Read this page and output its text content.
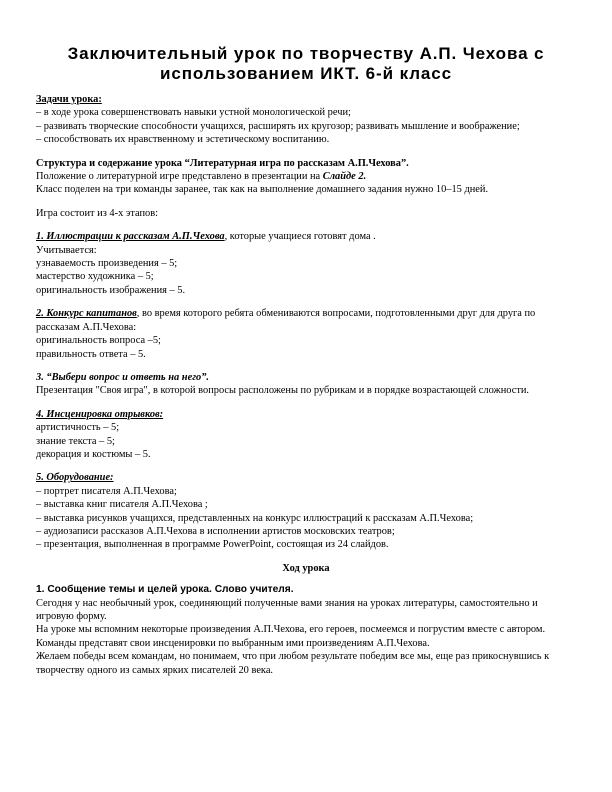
Заключительный урок по творчеству А.П. Чехова с использованием ИКТ. 6-й класс
Задачи урока:
– в ходе урока совершенствовать навыки устной монологической речи;
– развивать творческие способности учащихся, расширять их кругозор; развивать мышление и воображение;
– способствовать их нравственному и эстетическому воспитанию.
Структура и содержание урока “Литературная игра по рассказам А.П.Чехова”.
Положение о литературной игре представлено в презентации на Слайде 2.
Класс поделен на три команды заранее, так как на выполнение домашнего задания нужно 10–15 дней.
Игра состоит из 4-х этапов:
1. Иллюстрации к рассказам А.П.Чехова, которые учащиеся готовят дома .
Учитывается:
узнаваемость произведения – 5;
мастерство художника – 5;
оригинальность изображения – 5.
2. Конкурс капитанов, во время которого ребята обмениваются вопросами, подготовленными друг для друга по рассказам А.П.Чехова:
оригинальность вопроса –5;
правильность ответа – 5.
3. “Выбери вопрос и ответь на него”.
Презентация "Своя игра", в которой вопросы расположены по рубрикам и в порядке возрастающей сложности.
4. Инсценировка отрывков:
артистичность – 5;
знание текста – 5;
декорация и костюмы – 5.
5. Оборудование:
– портрет писателя А.П.Чехова;
– выставка книг писателя А.П.Чехова ;
– выставка рисунков учащихся, представленных на конкурс иллюстраций к рассказам А.П.Чехова;
– аудиозаписи рассказов А.П.Чехова в исполнении артистов московских театров;
– презентация, выполненная в программе PowerPoint, состоящая из 24 слайдов.
Ход урока
1. Сообщение темы и целей урока. Слово учителя.
Сегодня у нас необычный урок, соединяющий полученные вами знания на уроках литературы, самостоятельно и игровую форму.
На уроке мы вспомним некоторые произведения А.П.Чехова, его героев, посмеемся и погрустим вместе с автором.
Команды представят свои инсценировки по выбранным ими произведениям А.П.Чехова.
Желаем победы всем командам, но понимаем, что при любом результате победим все мы, еще раз прикоснувшись к творчеству одного из самых ярких писателей 20 века.
